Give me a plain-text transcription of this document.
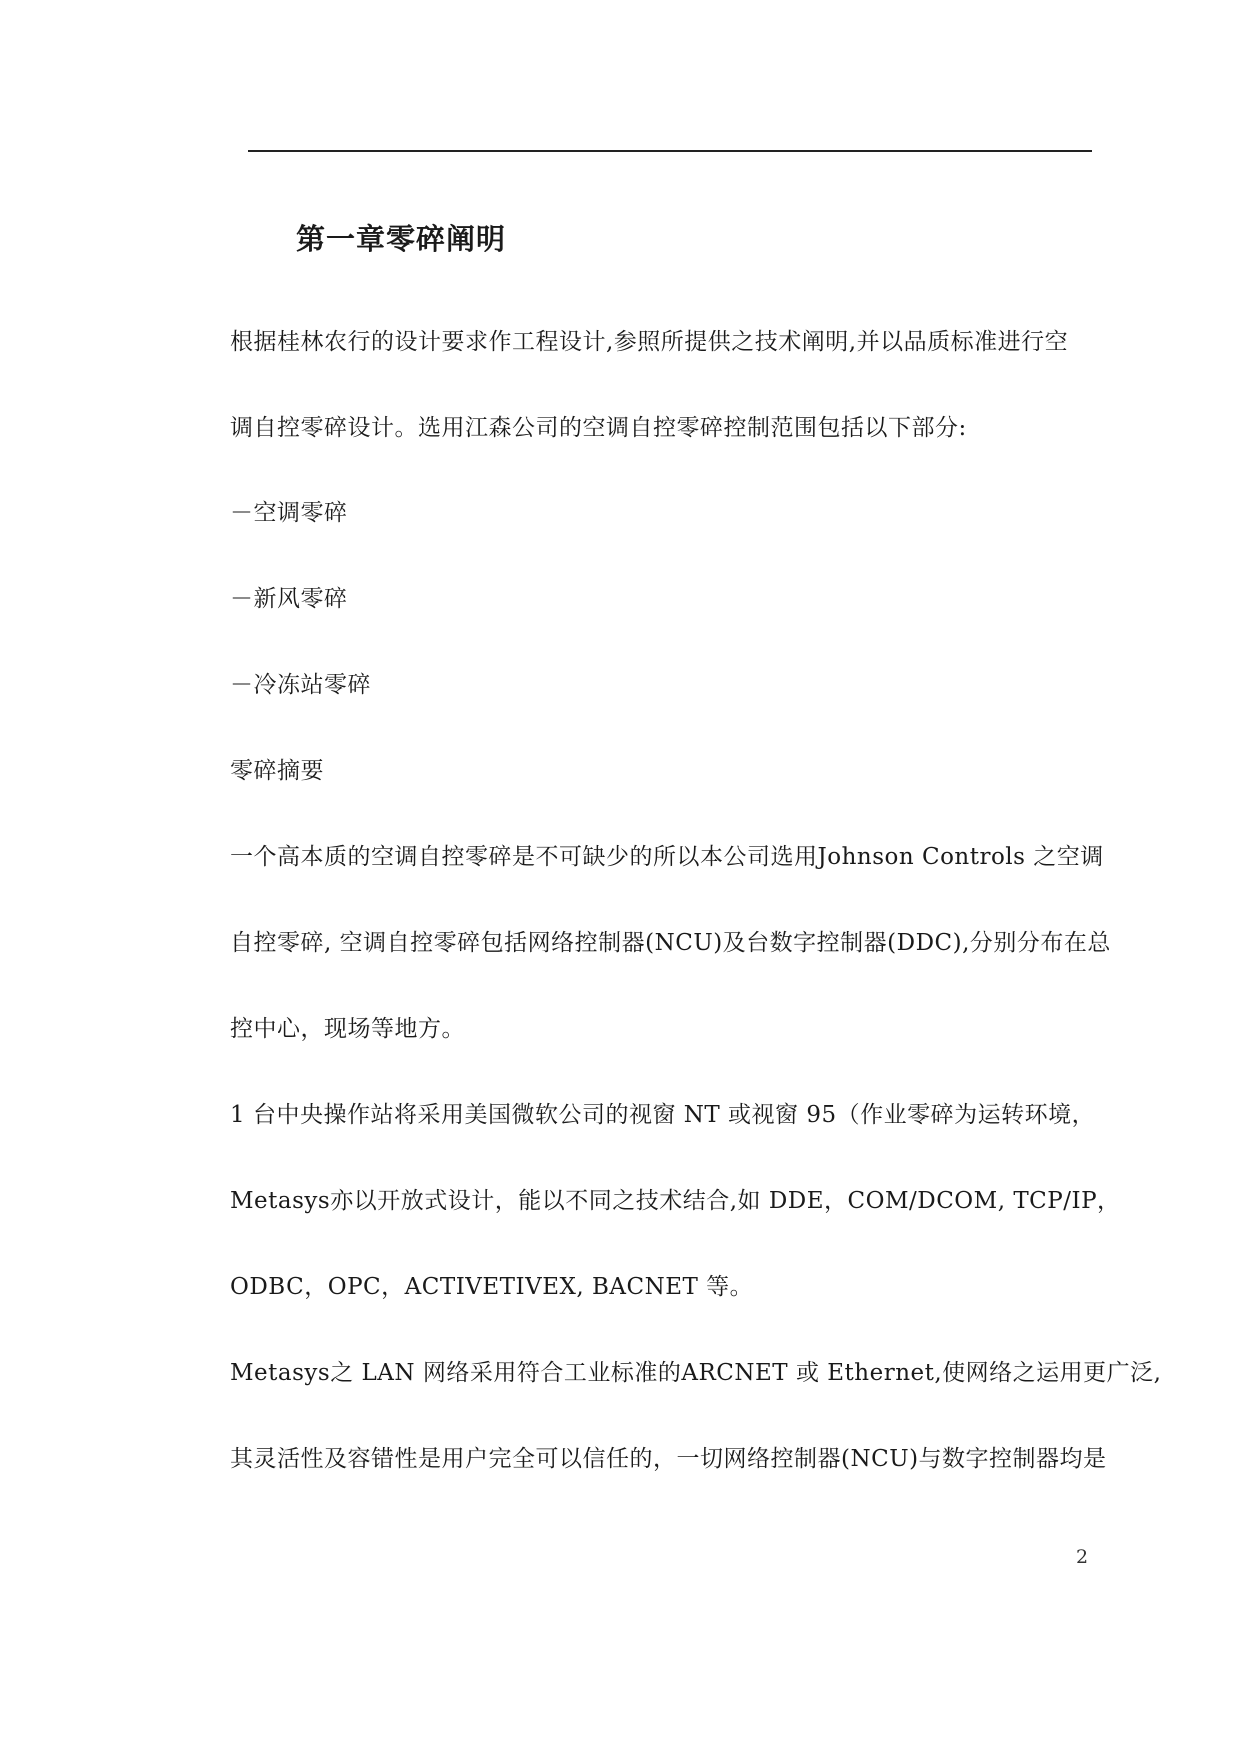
第一章零碎阐明
根据桂林农行的设计要求作工程设计,参照所提供之技术阐明,并以品质标准进行空
调自控零碎设计。选用江森公司的空调自控零碎控制范围包括以下部分:
－空调零碎
－新风零碎
－冷冻站零碎
零碎摘要
一个高本质的空调自控零碎是不可缺少的所以本公司选用Johnson Controls 之空调
自控零碎, 空调自控零碎包括网络控制器(NCU)及台数字控制器(DDC),分别分布在总
控中心，现场等地方。
1 台中央操作站将采用美国微软公司的视窗 NT 或视窗 95（作业零碎为运转环境，
Metasys亦以开放式设计，能以不同之技术结合,如 DDE，COM/DCOM, TCP/IP，
ODBC，OPC，ACTIVETIVEX, BACNET 等。
Metasys之 LAN 网络采用符合工业标准的ARCNET 或 Ethernet,使网络之运用更广泛,
其灵活性及容错性是用户完全可以信任的，一切网络控制器(NCU)与数字控制器均是
2
